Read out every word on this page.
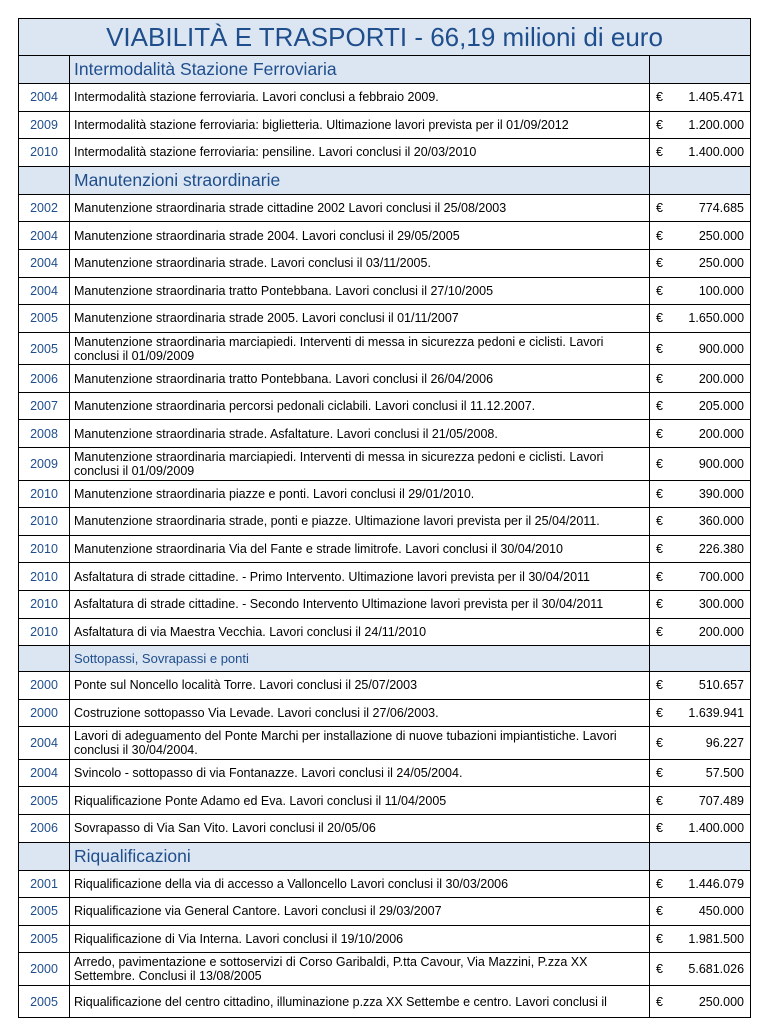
VIABILITÀ E TRASPORTI - 66,19 milioni di euro		
	Intermodalità Stazione Ferroviaria	
2004	Intermodalità stazione ferroviaria. Lavori conclusi a febbraio 2009.	€ 1.405.471

2009	Intermodalità stazione ferroviaria: biglietteria. Ultimazione lavori prevista per il 01/09/2012	€ 1.200.000

2010	Intermodalità stazione ferroviaria: pensiline. Lavori conclusi il 20/03/2010	€ 1.400.000

	Manutenzioni straordinarie	
2002	Manutenzione straordinaria strade cittadine 2002 Lavori conclusi il 25/08/2003	€ 774.685

2004	Manutenzione straordinaria strade 2004. Lavori conclusi il 29/05/2005	€ 250.000

2004	Manutenzione straordinaria strade. Lavori conclusi il 03/11/2005.	€ 250.000

2004	Manutenzione straordinaria tratto Pontebbana. Lavori conclusi il 27/10/2005	€ 100.000

2005	Manutenzione straordinaria strade 2005. Lavori conclusi il 01/11/2007	€ 1.650.000

2005	Manutenzione straordinaria marciapiedi. Interventi di messa in sicurezza pedoni e ciclisti. Lavori conclusi il 01/09/2009	€ 900.000

2006	Manutenzione straordinaria tratto Pontebbana. Lavori conclusi il 26/04/2006	€ 200.000

2007	Manutenzione straordinaria percorsi pedonali ciclabili. Lavori conclusi il 11.12.2007.	€ 205.000

2008	Manutenzione straordinaria strade. Asfaltature. Lavori conclusi il 21/05/2008.	€ 200.000

2009	Manutenzione straordinaria marciapiedi. Interventi di messa in sicurezza pedoni e ciclisti. Lavori conclusi il 01/09/2009	€ 900.000

2010	Manutenzione straordinaria piazze e ponti. Lavori conclusi il 29/01/2010.	€ 390.000

2010	Manutenzione straordinaria strade, ponti e piazze. Ultimazione lavori prevista per il 25/04/2011.	€ 360.000

2010	Manutenzione straordinaria Via del Fante e strade limitrofe. Lavori conclusi il 30/04/2010	€ 226.380

2010	Asfaltatura di strade cittadine. - Primo Intervento. Ultimazione lavori prevista per il 30/04/2011	€ 700.000

2010	Asfaltatura di strade cittadine. - Secondo Intervento Ultimazione lavori prevista per il 30/04/2011	€ 300.000

2010	Asfaltatura di via Maestra Vecchia. Lavori conclusi il 24/11/2010	€ 200.000

	Sottopassi, Sovrapassi e ponti	
2000	Ponte sul Noncello località Torre. Lavori conclusi il 25/07/2003	€ 510.657

2000	Costruzione sottopasso Via Levade. Lavori conclusi il 27/06/2003.	€ 1.639.941

2004	Lavori di adeguamento del Ponte Marchi per installazione di nuove tubazioni impiantistiche. Lavori conclusi il 30/04/2004.	€ 96.227

2004	Svincolo - sottopasso di via Fontanazze. Lavori conclusi il 24/05/2004.	€ 57.500

2005	Riqualificazione Ponte Adamo ed Eva. Lavori conclusi il 11/04/2005	€ 707.489

2006	Sovrapasso di Via San Vito. Lavori conclusi il 20/05/06	€ 1.400.000

	Riqualificazioni	
2001	Riqualificazione della via di accesso a Valloncello Lavori conclusi il 30/03/2006	€ 1.446.079

2005	Riqualificazione via General Cantore. Lavori conclusi il 29/03/2007	€ 450.000

2005	Riqualificazione di Via Interna. Lavori conclusi il 19/10/2006	€ 1.981.500

2000	Arredo, pavimentazione e sottoservizi di Corso Garibaldi, P.tta Cavour, Via Mazzini, P.zza XX Settembre. Conclusi il 13/08/2005	€ 5.681.026

2005	Riqualificazione del centro cittadino, illuminazione p.zza XX Settembe e centro. Lavori conclusi il	€ 250.000
